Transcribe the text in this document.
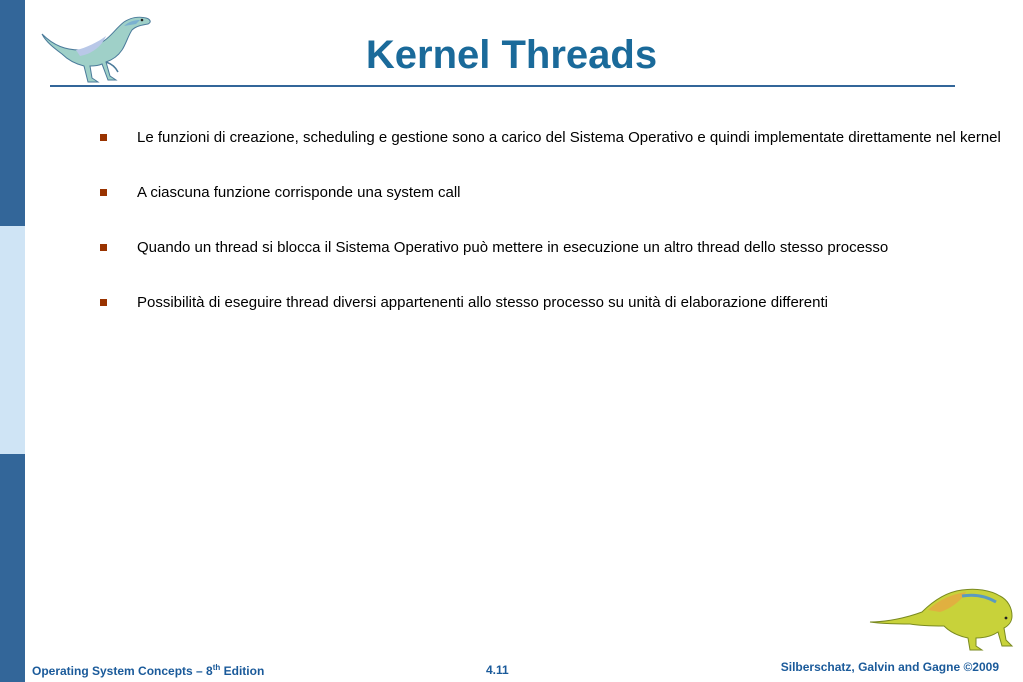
Kernel Threads
Le funzioni di creazione, scheduling e gestione sono a carico del Sistema Operativo e quindi implementate direttamente nel kernel
A ciascuna funzione corrisponde una system call
Quando un thread si blocca il Sistema Operativo può mettere in esecuzione un altro thread dello stesso processo
Possibilità di eseguire thread diversi appartenenti allo stesso processo su unità di elaborazione differenti
Operating System Concepts – 8th Edition	4.11	Silberschatz, Galvin and Gagne ©2009
